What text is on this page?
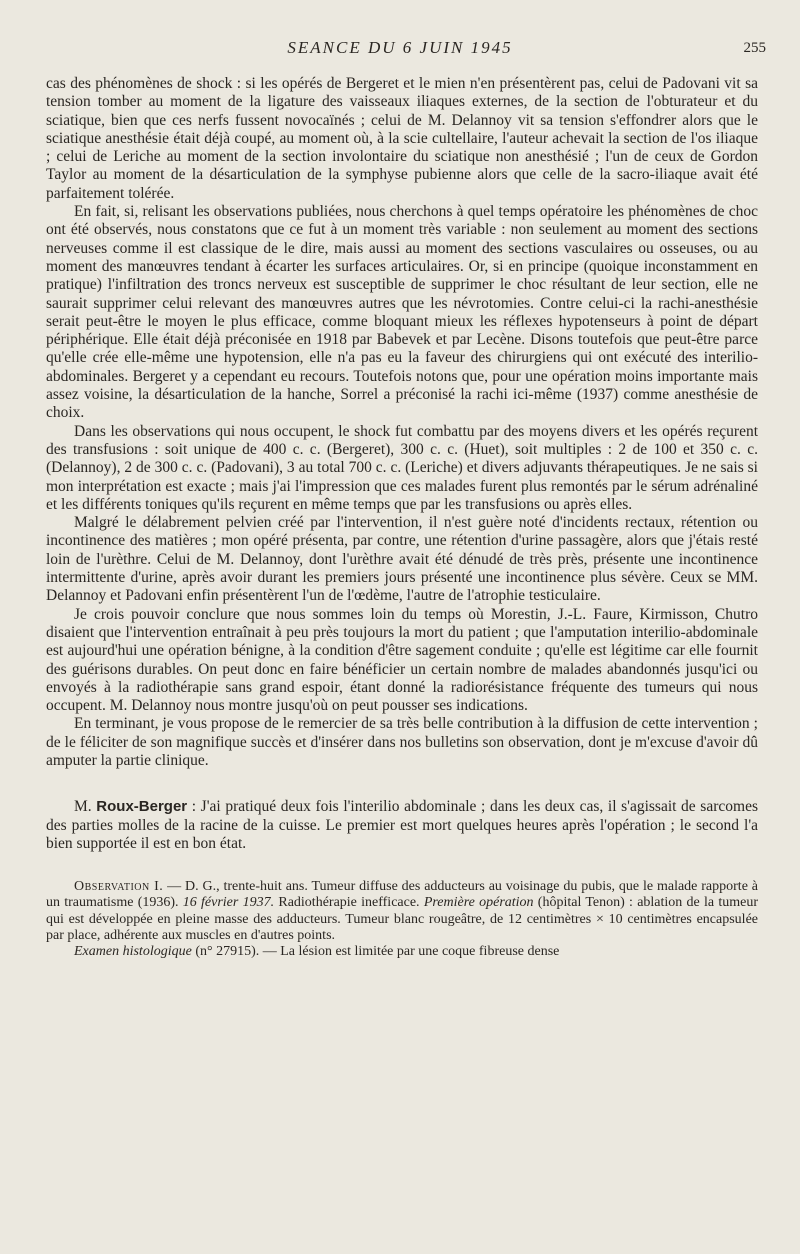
SEANCE DU 6 JUIN 1945	255

cas des phénomènes de shock : si les opérés de Bergeret et le mien n'en présentèrent pas, celui de Padovani vit sa tension tomber au moment de la ligature des vaisseaux iliaques externes, de la section de l'obturateur et du sciatique, bien que ces nerfs fussent novocaïnés ; celui de M. Delannoy vit sa tension s'effondrer alors que le sciatique anesthésie était déjà coupé, au moment où, à la scie cultellaire, l'auteur achevait la section de l'os iliaque ; celui de Leriche au moment de la section involontaire du sciatique non anesthésié ; l'un de ceux de Gordon Taylor au moment de la désarticulation de la symphyse pubienne alors que celle de la sacro-iliaque avait été parfaitement tolérée.

En fait, si, relisant les observations publiées, nous cherchons à quel temps opératoire les phénomènes de choc ont été observés, nous constatons que ce fut à un moment très variable : non seulement au moment des sections nerveuses comme il est classique de le dire, mais aussi au moment des sections vasculaires ou osseuses, ou au moment des manœuvres tendant à écarter les surfaces articulaires. Or, si en principe (quoique inconstamment en pratique) l'infiltration des troncs nerveux est susceptible de supprimer le choc résultant de leur section, elle ne saurait supprimer celui relevant des manœuvres autres que les névrotomies. Contre celui-ci la rachi-anesthésie serait peut-être le moyen le plus efficace, comme bloquant mieux les réflexes hypotenseurs à point de départ périphérique. Elle était déjà préconisée en 1918 par Babevek et par Lecène. Disons toutefois que peut-être parce qu'elle crée elle-même une hypotension, elle n'a pas eu la faveur des chirurgiens qui ont exécuté des interilio-abdominales. Bergeret y a cependant eu recours. Toutefois notons que, pour une opération moins importante mais assez voisine, la désarticulation de la hanche, Sorrel a préconisé la rachi ici-même (1937) comme anesthésie de choix.

Dans les observations qui nous occupent, le shock fut combattu par des moyens divers et les opérés reçurent des transfusions : soit unique de 400 c. c. (Bergeret), 300 c. c. (Huet), soit multiples : 2 de 100 et 350 c. c. (Delannoy), 2 de 300 c. c. (Padovani), 3 au total 700 c. c. (Leriche) et divers adjuvants thérapeutiques. Je ne sais si mon interprétation est exacte ; mais j'ai l'impression que ces malades furent plus remontés par le sérum adrénaliné et les différents toniques qu'ils reçurent en même temps que par les transfusions ou après elles.

Malgré le délabrement pelvien créé par l'intervention, il n'est guère noté d'incidents rectaux, rétention ou incontinence des matières ; mon opéré présenta, par contre, une rétention d'urine passagère, alors que j'étais resté loin de l'urèthre. Celui de M. Delannoy, dont l'urèthre avait été dénudé de très près, présente une incontinence intermittente d'urine, après avoir durant les premiers jours présenté une incontinence plus sévère. Ceux se MM. Delannoy et Padovani enfin présentèrent l'un de l'œdème, l'autre de l'atrophie testiculaire.

Je crois pouvoir conclure que nous sommes loin du temps où Morestin, J.-L. Faure, Kirmisson, Chutro disaient que l'intervention entraînait à peu près toujours la mort du patient ; que l'amputation interilio-abdominale est aujourd'hui une opération bénigne, à la condition d'être sagement conduite ; qu'elle est légitime car elle fournit des guérisons durables. On peut donc en faire bénéficier un certain nombre de malades abandonnés jusqu'ici ou envoyés à la radiothérapie sans grand espoir, étant donné la radiorésistance fréquente des tumeurs qui nous occupent. M. Delannoy nous montre jusqu'où on peut pousser ses indications.

En terminant, je vous propose de le remercier de sa très belle contribution à la diffusion de cette intervention ; de le féliciter de son magnifique succès et d'insérer dans nos bulletins son observation, dont je m'excuse d'avoir dû amputer la partie clinique.

M. Roux-Berger : J'ai pratiqué deux fois l'interilio abdominale ; dans les deux cas, il s'agissait de sarcomes des parties molles de la racine de la cuisse. Le premier est mort quelques heures après l'opération ; le second l'a bien supportée il est en bon état.

Observation I. — D. G., trente-huit ans. Tumeur diffuse des adducteurs au voisinage du pubis, que le malade rapporte à un traumatisme (1936). 16 février 1937. Radiothérapie inefficace. Première opération (hôpital Tenon) : ablation de la tumeur qui est développée en pleine masse des adducteurs. Tumeur blanc rougeâtre, de 12 centimètres × 10 centimètres encapsulée par place, adhérente aux muscles en d'autres points.

Examen histologique (n° 27915). — La lésion est limitée par une coque fibreuse dense
